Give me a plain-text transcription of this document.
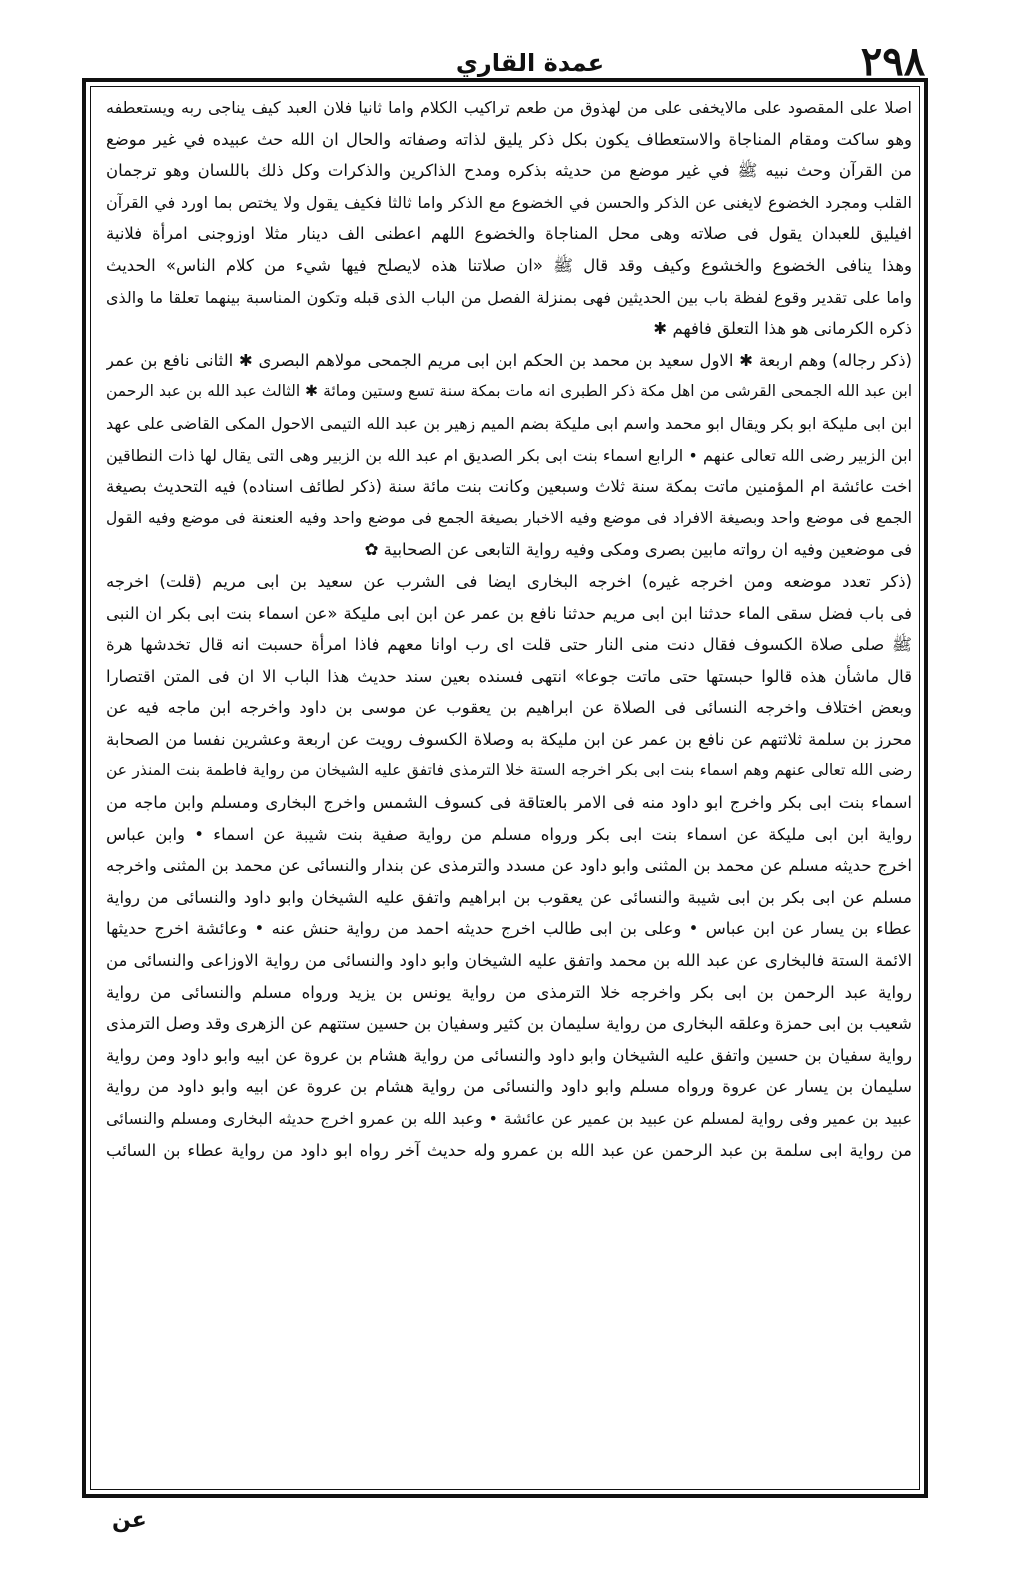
عمدة القاري	٢٩٨
اصلا على المقصود على مالايخفى على من لهذوق من طعم تراكيب الكلام واما ثانيا فلان العبد كيف يناجى ربه ويستعطفه
وهو ساكت ومقام المناجاة والاستعطاف يكون بكل ذكر يليق لذاته وصفاته والحال ان الله حث عبيده في غير موضع
من القرآن وحث نبيه ﷺ في غير موضع من حديثه بذكره ومدح الذاكرين والذكرات وكل ذلك باللسان وهو ترجمان
القلب ومجرد الخضوع لايغنى عن الذكر والحسن في الخضوع مع الذكر واما ثالثا فكيف يقول ولا يختص بما اورد في القرآن
افيليق للعبدان يقول فى صلاته وهى محل المناجاة والخضوع اللهم اعطنى الف دينار مثلا اوزوجنى امرأة فلانية
وهذا ينافى الخضوع والخشوع وكيف وقد قال ﷺ «ان صلاتنا هذه لايصلح فيها شيء من كلام الناس» الحديث
واما على تقدير وقوع لفظة باب بين الحديثين فهى بمنزلة الفصل من الباب الذى قبله وتكون المناسبة بينهما تعلقا ما والذى
ذكره الكرمانى هو هذا التعلق فافهم ✱
(ذكر رجاله) وهم اربعة ✱ الاول سعيد بن محمد بن الحكم ابن ابى مريم الجمحى مولاهم البصرى ✱ الثانى نافع بن عمر
ابن عبد الله الجمحى القرشى من اهل مكة ذكر الطبرى انه مات بمكة سنة تسع وستين ومائة ✱ الثالث عبد الله بن عبد الرحمن
ابن ابى مليكة ابو بكر ويقال ابو محمد واسم ابى مليكة بضم الميم زهير بن عبد الله التيمى الاحول المكى القاضى على عهد
ابن الزبير رضى الله تعالى عنهم • الرابع اسماء بنت ابى بكر الصديق ام عبد الله بن الزبير وهى التى يقال لها ذات النطاقين
اخت عائشة ام المؤمنين ماتت بمكة سنة ثلاث وسبعين وكانت بنت مائة سنة (ذكر لطائف اسناده) فيه التحديث بصيغة
الجمع فى موضع واحد وبصيغة الافراد فى موضع وفيه الاخبار بصيغة الجمع فى موضع واحد وفيه العنعنة فى موضع وفيه القول
فى موضعين وفيه ان رواته مابين بصرى ومكى وفيه رواية التابعى عن الصحابية ✿
(ذكر تعدد موضعه ومن اخرجه غيره) اخرجه البخارى ايضا فى الشرب عن سعيد بن ابى مريم (قلت) اخرجه
فى باب فضل سقى الماء حدثنا ابن ابى مريم حدثنا نافع بن عمر عن ابن ابى مليكة «عن اسماء بنت ابى بكر ان النبى
ﷺ صلى صلاة الكسوف فقال دنت منى النار حتى قلت اى رب اوانا معهم فاذا امرأة حسبت انه قال تخدشها هرة
قال ماشأن هذه قالوا حبستها حتى ماتت جوعا» انتهى فسنده بعين سند حديث هذا الباب الا ان فى المتن اقتصارا
وبعض اختلاف واخرجه النسائى فى الصلاة عن ابراهيم بن يعقوب عن موسى بن داود واخرجه ابن ماجه فيه عن
محرز بن سلمة ثلاثتهم عن نافع بن عمر عن ابن مليكة به وصلاة الكسوف رويت عن اربعة وعشرين نفسا من الصحابة
رضى الله تعالى عنهم وهم اسماء بنت ابى بكر اخرجه الستة خلا الترمذى فاتفق عليه الشيخان من رواية فاطمة بنت المنذر عن
اسماء بنت ابى بكر واخرج ابو داود منه فى الامر بالعتاقة فى كسوف الشمس واخرج البخارى ومسلم وابن ماجه من
رواية ابن ابى مليكة عن اسماء بنت ابى بكر ورواه مسلم من رواية صفية بنت شيبة عن اسماء • وابن عباس
اخرج حديثه مسلم عن محمد بن المثنى وابو داود عن مسدد والترمذى عن بندار والنسائى عن محمد بن المثنى واخرجه
مسلم عن ابى بكر بن ابى شيبة والنسائى عن يعقوب بن ابراهيم واتفق عليه الشيخان وابو داود والنسائى من رواية
عطاء بن يسار عن ابن عباس • وعلى بن ابى طالب اخرج حديثه احمد من رواية حنش عنه • وعائشة اخرج حديثها
الائمة الستة فالبخارى عن عبد الله بن محمد واتفق عليه الشيخان وابو داود والنسائى من رواية الاوزاعى والنسائى من
رواية عبد الرحمن بن ابى بكر واخرجه خلا الترمذى من رواية يونس بن يزيد ورواه مسلم والنسائى من رواية
شعيب بن ابى حمزة وعلقه البخارى من رواية سليمان بن كثير وسفيان بن حسين ستتهم عن الزهرى وقد وصل الترمذى
رواية سفيان بن حسين واتفق عليه الشيخان وابو داود والنسائى من رواية هشام بن عروة عن ابيه وابو داود ومن رواية
سليمان بن يسار عن عروة ورواه مسلم وابو داود والنسائى من رواية هشام بن عروة عن ابيه وابو داود من رواية
عبيد بن عمير وفى رواية لمسلم عن عبيد بن عمير عن عائشة • وعبد الله بن عمرو اخرج حديثه البخارى ومسلم والنسائى
من رواية ابى سلمة بن عبد الرحمن عن عبد الله بن عمرو وله حديث آخر رواه ابو داود من رواية عطاء بن السائب
عن
